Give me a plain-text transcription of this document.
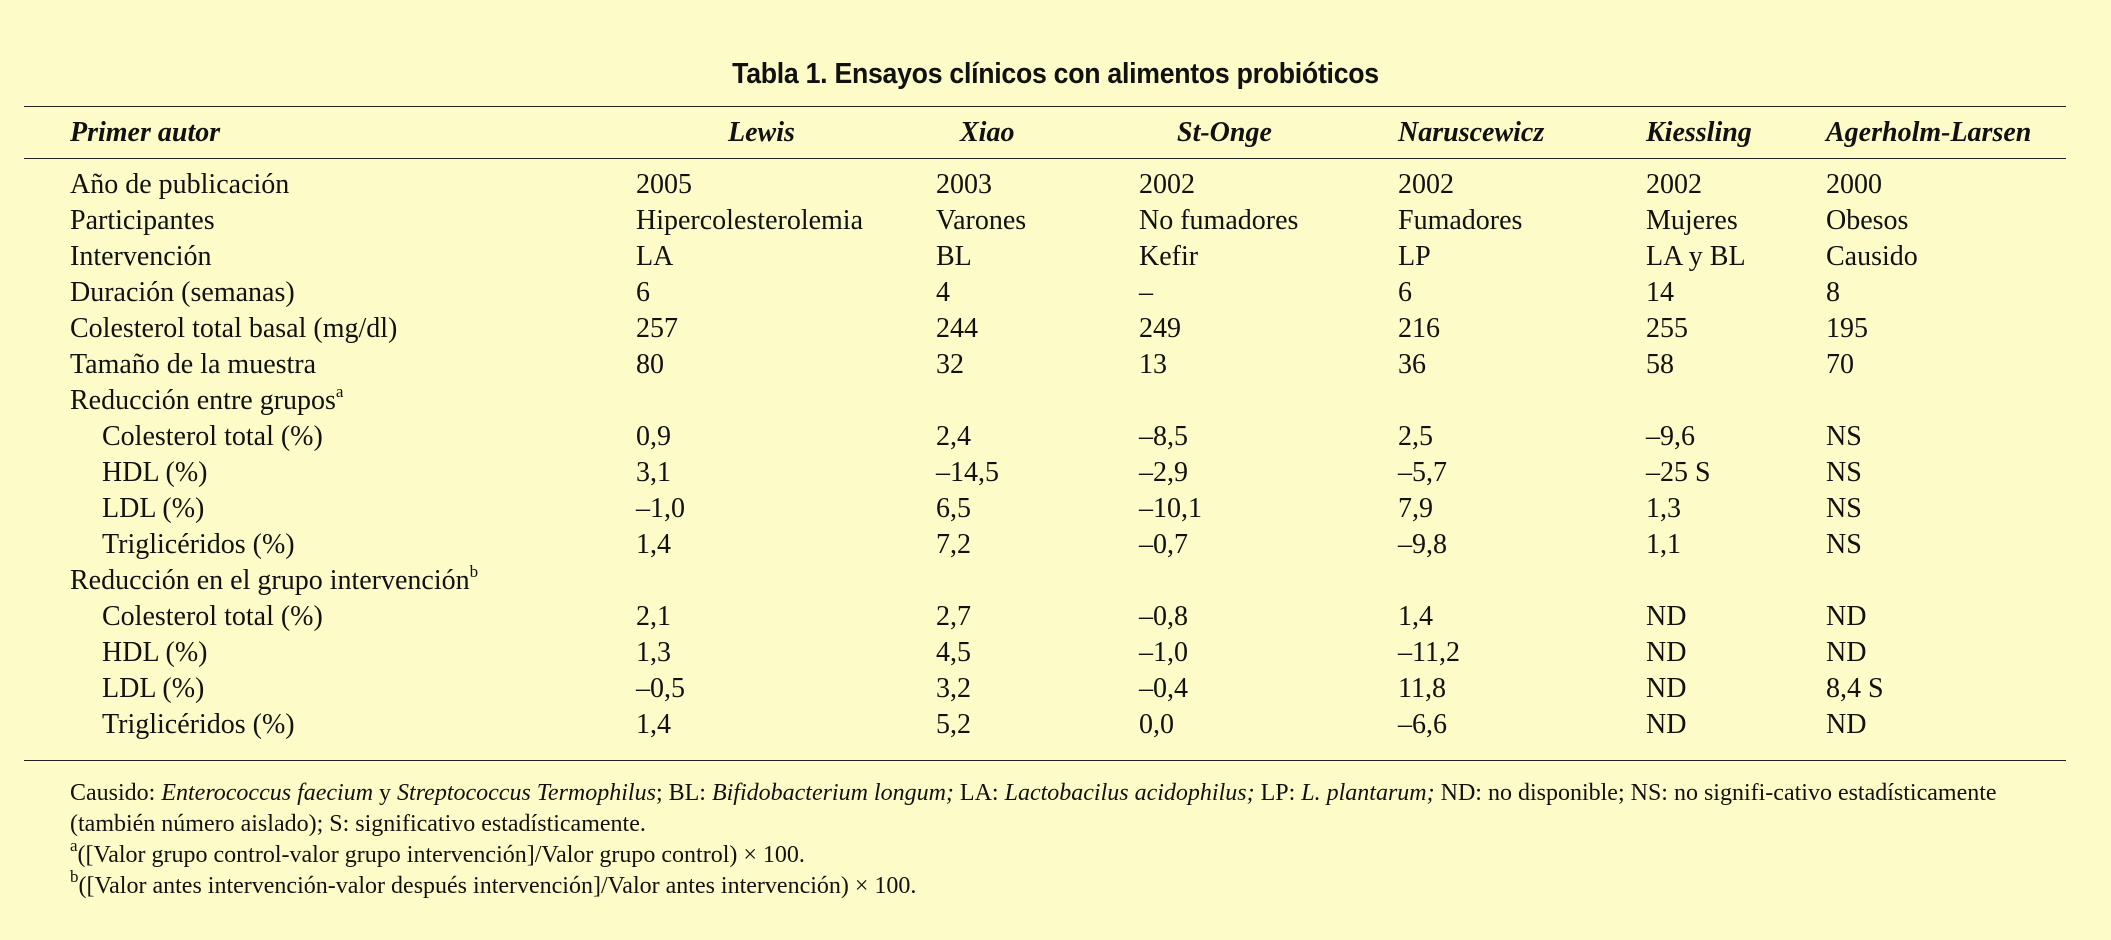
Tabla 1. Ensayos clínicos con alimentos probióticos
Primer autor	Lewis	Xiao	St-Onge	Naruscewicz	Kiessling	Agerholm-Larsen
Año de publicación	2005	2003	2002	2002	2002	2000
Participantes	Hipercolesterolemia	Varones	No fumadores	Fumadores	Mujeres	Obesos
Intervención	LA	BL	Kefir	LP	LA y BL	Causido
Duración (semanas)	6	4	–	6	14	8
Colesterol total basal (mg/dl)	257	244	249	216	255	195
Tamaño de la muestra	80	32	13	36	58	70
Reducción entre grupos$^a$						
Colesterol total (%)	0,9	2,4	–8,5	2,5	–9,6	NS
HDL (%)	3,1	–14,5	–2,9	–5,7	–25 S	NS
LDL (%)	–1,0	6,5	–10,1	7,9	1,3	NS
Triglicéridos (%)	1,4	7,2	–0,7	–9,8	1,1	NS
Reducción en el grupo intervención$^b$						
Colesterol total (%)	2,1	2,7	–0,8	1,4	ND	ND
HDL (%)	1,3	4,5	–1,0	–11,2	ND	ND
LDL (%)	–0,5	3,2	–0,4	11,8	ND	8,4 S
Triglicéridos (%)	1,4	5,2	0,0	–6,6	ND	ND

Causido: Enterococcus faecium y Streptococcus Termophilus; BL: Bifidobacterium longum; LA: Lactobacilus acidophilus; LP: L. plantarum; ND: no disponible; NS: no signifi-cativo estadísticamente (también número aislado); S: significativo estadísticamente.

$^a$([Valor grupo control-valor grupo intervención]/Valor grupo control) × 100.

$^b$([Valor antes intervención-valor después intervención]/Valor antes intervención) × 100.
